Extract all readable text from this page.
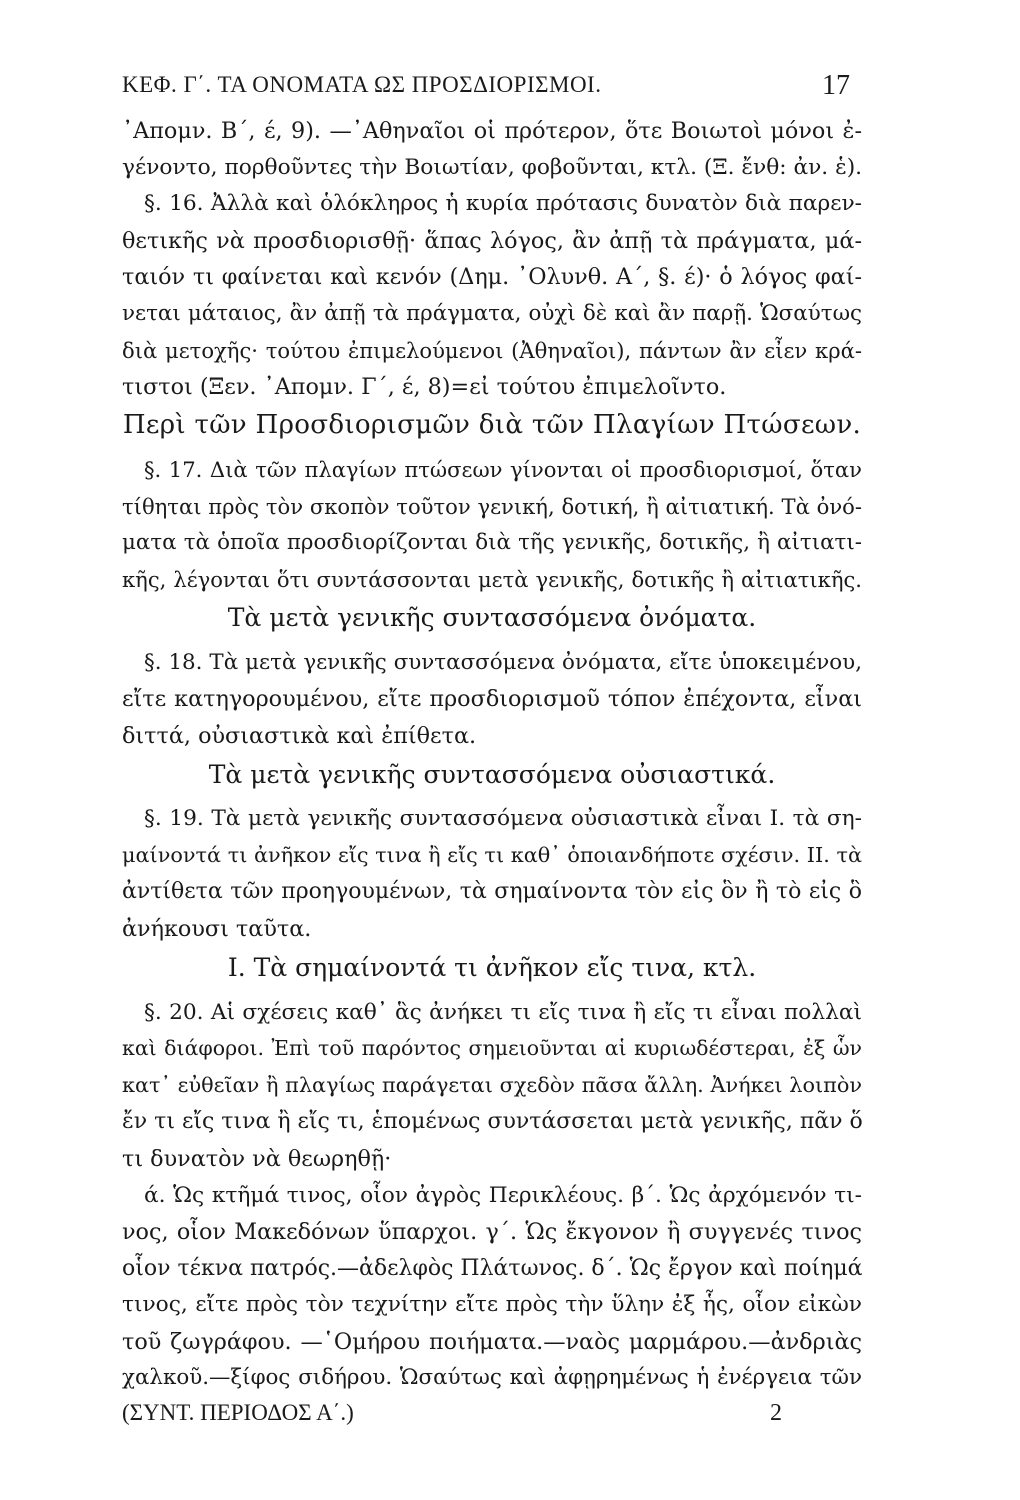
ΚΕΦ. Γ΄. ΤΑ ΟΝΟΜΑΤΑ ΩΣ ΠΡΟΣΔΙΟΡΙΣΜΟΙ.	17
᾿Απομν. Β΄, έ, 9). —᾿Αθηναῖοι οἱ πρότερον, ὅτε Βοιωτοὶ μόνοι ἐ-
γένοντο, πορθοῦντες τὴν Βοιωτίαν, φοβοῦνται, κτλ. (Ξ. ἔνθ: ἀν. ἑ).
§. 16. Ἀλλὰ καὶ ὁλόκληρος ἡ κυρία πρότασις δυνατὸν διὰ παρεν-
θετικῆς νὰ προσδιορισθῇ· ἅπας λόγος, ἂν ἀπῇ τὰ πράγματα, μά-
ταιόν τι φαίνεται καὶ κενόν (Δημ. ᾿Ολυνθ. Α΄, §. έ)· ὁ λόγος φαί-
νεται μάταιος, ἂν ἀπῇ τὰ πράγματα, οὐχὶ δὲ καὶ ἂν παρῇ. Ὡσαύτως
διὰ μετοχῆς· τούτου ἐπιμελούμενοι (Ἀθηναῖοι), πάντων ἂν εἶεν κρά-
τιστοι (Ξεν. ᾿Απομν. Γ΄, έ, 8)=εἰ τούτου ἐπιμελοῖντο.
Περὶ τῶν Προσδιορισμῶν διὰ τῶν Πλαγίων Πτώσεων.
§. 17. Διὰ τῶν πλαγίων πτώσεων γίνονται οἱ προσδιορισμοί, ὅταν
τίθηται πρὸς τὸν σκοπὸν τοῦτον γενική, δοτική, ἢ αἰτιατική. Τὰ ὀνό-
ματα τὰ ὁποῖα προσδιορίζονται διὰ τῆς γενικῆς, δοτικῆς, ἢ αἰτιατι-
κῆς, λέγονται ὅτι συντάσσονται μετὰ γενικῆς, δοτικῆς ἢ αἰτιατικῆς.
Τὰ μετὰ γενικῆς συντασσόμενα ὀνόματα.
§. 18. Τὰ μετὰ γενικῆς συντασσόμενα ὀνόματα, εἴτε ὑποκειμένου,
εἴτε κατηγορουμένου, εἴτε προσδιορισμοῦ τόπον ἐπέχοντα, εἶναι
διττά, οὐσιαστικὰ καὶ ἐπίθετα.
Τὰ μετὰ γενικῆς συντασσόμενα οὐσιαστικά.
§. 19. Τὰ μετὰ γενικῆς συντασσόμενα οὐσιαστικὰ εἶναι Ι. τὰ ση-
μαίνοντά τι ἀνῆκον εἴς τινα ἢ εἴς τι καθ᾿ ὁποιανδήποτε σχέσιν. ΙΙ. τὰ
ἀντίθετα τῶν προηγουμένων, τὰ σημαίνοντα τὸν εἰς ὃν ἢ τὸ εἰς ὃ
ἀνήκουσι ταῦτα.
Ι. Τὰ σημαίνοντά τι ἀνῆκον εἴς τινα, κτλ.
§. 20. Αἱ σχέσεις καθ᾿ ἃς ἀνήκει τι εἴς τινα ἢ εἴς τι εἶναι πολλαὶ
καὶ διάφοροι. Ἐπὶ τοῦ παρόντος σημειοῦνται αἱ κυριωδέστεραι, ἐξ ὧν
κατ᾿ εὐθεῖαν ἢ πλαγίως παράγεται σχεδὸν πᾶσα ἄλλη. Ἀνήκει λοιπὸν
ἔν τι εἴς τινα ἢ εἴς τι, ἑπομένως συντάσσεται μετὰ γενικῆς, πᾶν ὅ
τι δυνατὸν νὰ θεωρηθῇ·
ά. Ὡς κτῆμά τινος, οἷον ἀγρὸς Περικλέους. β΄. Ὡς ἀρχόμενόν τι-
νος, οἷον Μακεδόνων ὕπαρχοι. γ΄. Ὡς ἔκγονον ἢ συγγενές τινος
οἷον τέκνα πατρός.—ἀδελφὸς Πλάτωνος. δ΄. Ὡς ἔργον καὶ ποίημά
τινος, εἴτε πρὸς τὸν τεχνίτην εἴτε πρὸς τὴν ὕλην ἐξ ἧς, οἷον εἰκὼν
τοῦ ζωγράφου. —῾Ομήρου ποιήματα.—ναὸς μαρμάρου.—ἀνδριὰς
χαλκοῦ.—ξίφος σιδήρου. Ὡσαύτως καὶ ἀφῃρημένως ἡ ἐνέργεια τῶν
(ΣΥΝΤ. ΠΕΡΙΟΔΟΣ Α΄.)	2
